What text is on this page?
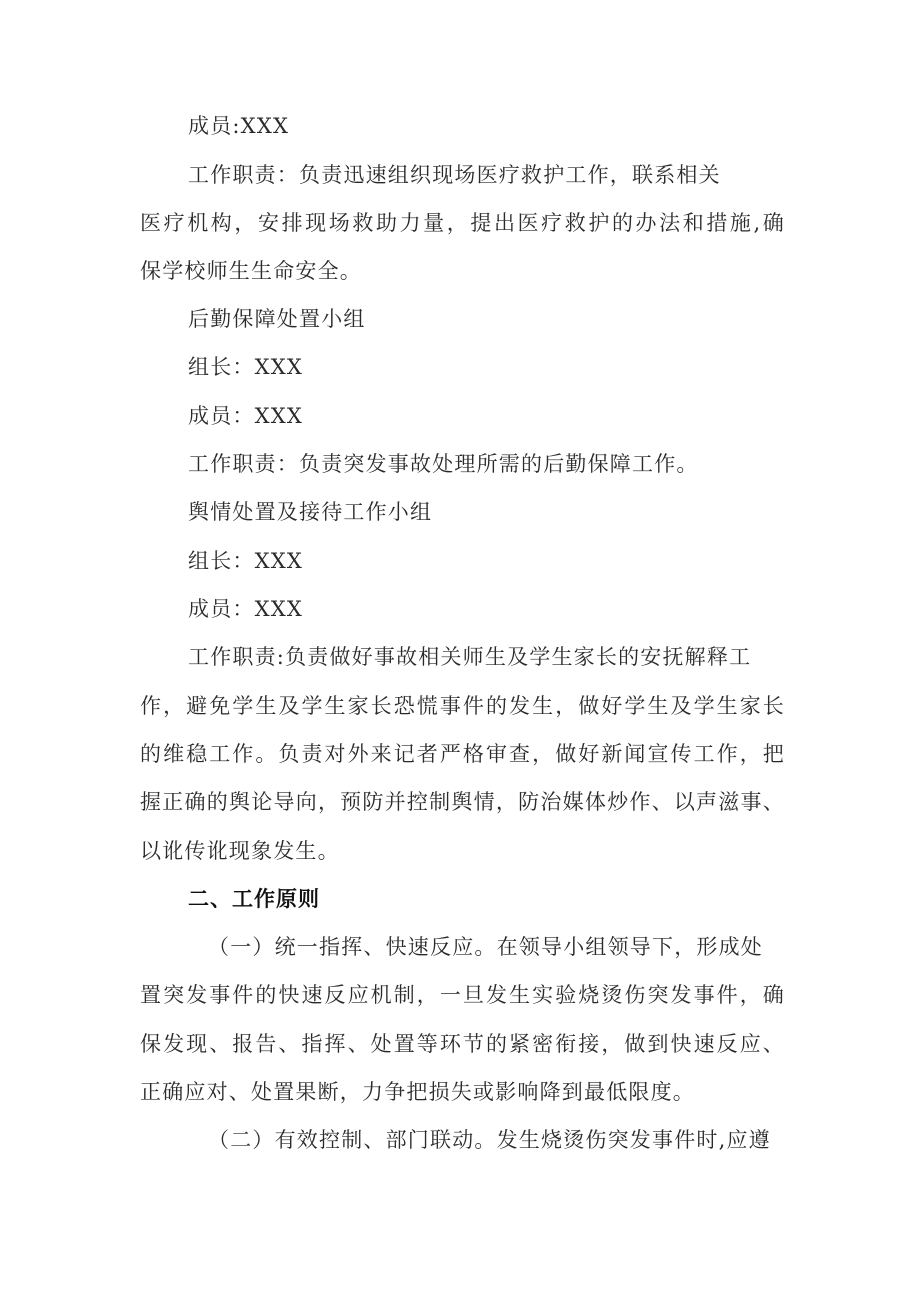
成员:XXX
工作职责：负责迅速组织现场医疗救护工作，联系相关
医疗机构，安排现场救助力量，提出医疗救护的办法和措施,确
保学校师生生命安全。
后勤保障处置小组
组长：XXX
成员：XXX
工作职责：负责突发事故处理所需的后勤保障工作。
舆情处置及接待工作小组
组长：XXX
成员：XXX
工作职责:负责做好事故相关师生及学生家长的安抚解释工
作，避免学生及学生家长恐慌事件的发生，做好学生及学生家长
的维稳工作。负责对外来记者严格审查，做好新闻宣传工作，把
握正确的舆论导向，预防并控制舆情，防治媒体炒作、以声滋事、
以讹传讹现象发生。
二、工作原则
（一）统一指挥、快速反应。在领导小组领导下，形成处
置突发事件的快速反应机制，一旦发生实验烧烫伤突发事件，确
保发现、报告、指挥、处置等环节的紧密衔接，做到快速反应、
正确应对、处置果断，力争把损失或影响降到最低限度。
（二）有效控制、部门联动。发生烧烫伤突发事件时,应遵
